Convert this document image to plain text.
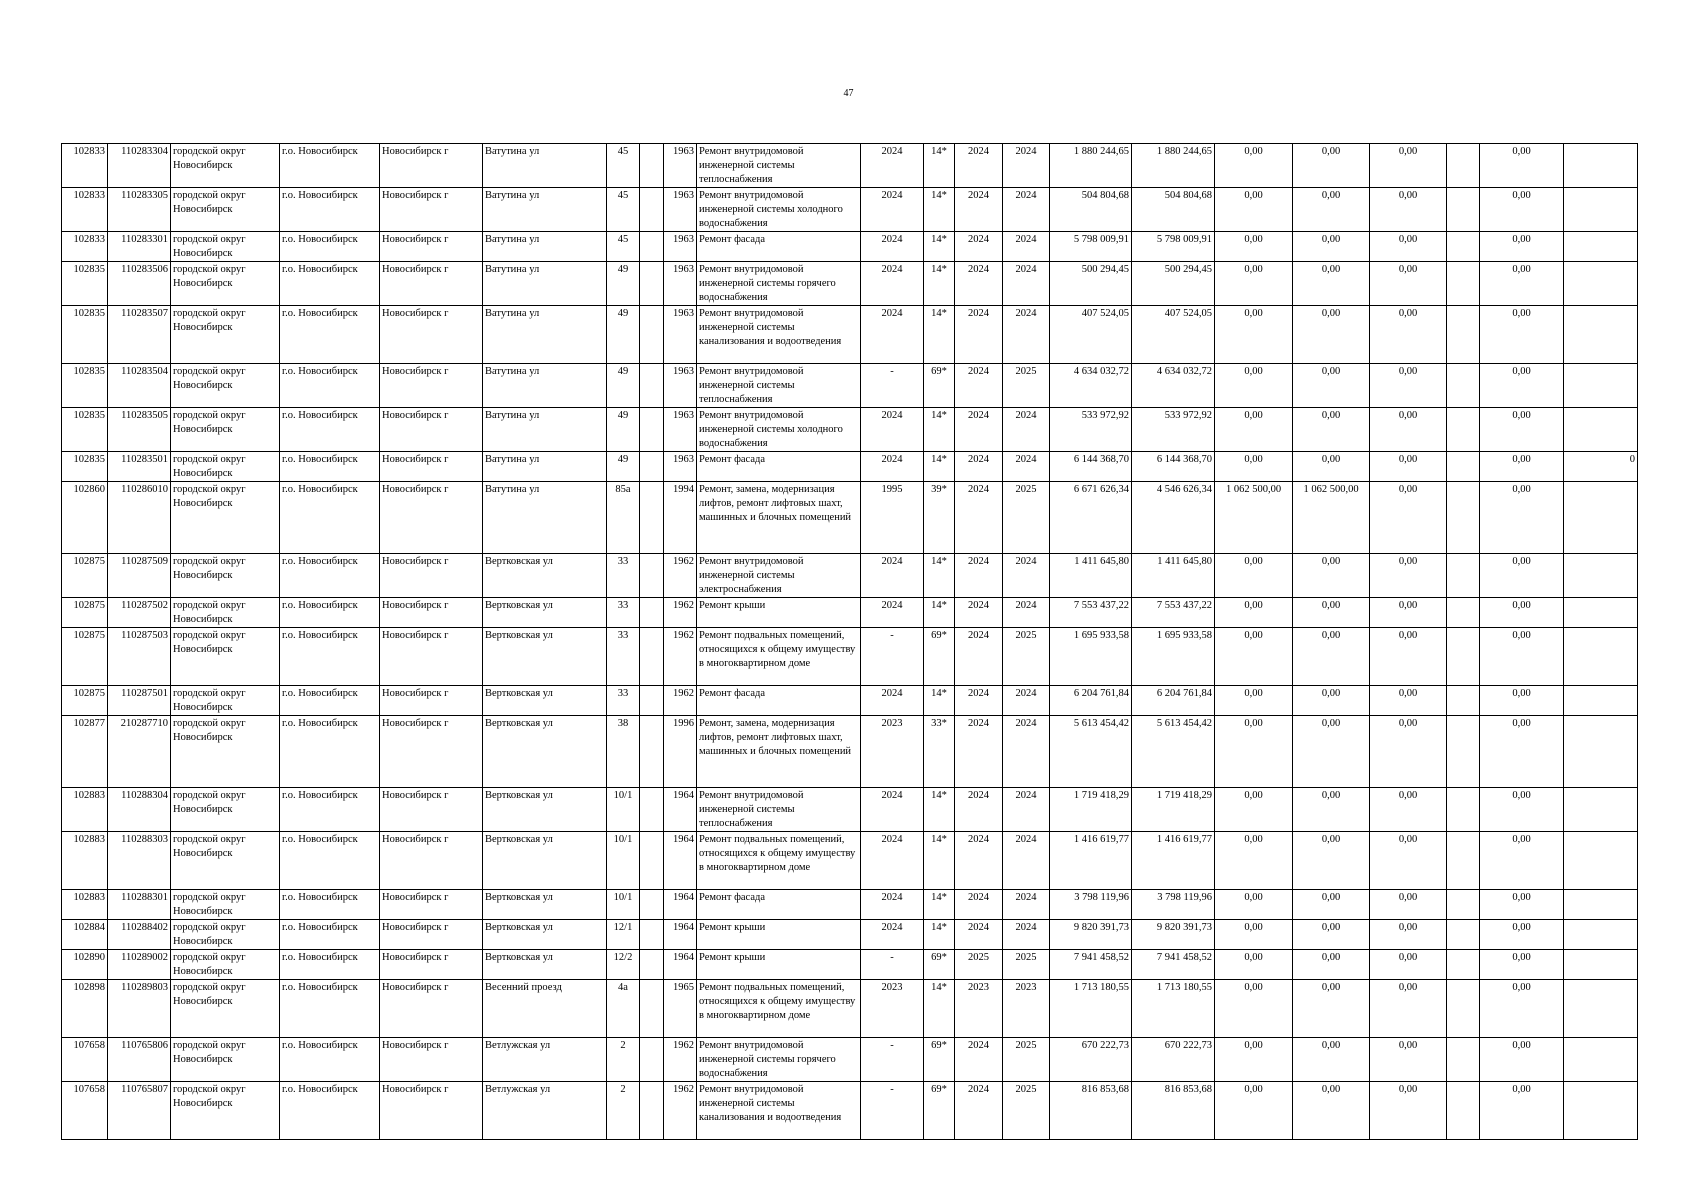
47
102833	110283304	городской округ Новосибирск	г.о. Новосибирск	Новосибирск г	Ватутина ул	45		1963	Ремонт внутридомовой инженерной системы теплоснабжения	2024	14*	2024	2024	1 880 244,65	1 880 244,65	0,00	0,00	0,00		0,00	
102833	110283305	городской округ Новосибирск	г.о. Новосибирск	Новосибирск г	Ватутина ул	45		1963	Ремонт внутридомовой инженерной системы холодного водоснабжения	2024	14*	2024	2024	504 804,68	504 804,68	0,00	0,00	0,00		0,00	
102833	110283301	городской округ Новосибирск	г.о. Новосибирск	Новосибирск г	Ватутина ул	45		1963	Ремонт фасада	2024	14*	2024	2024	5 798 009,91	5 798 009,91	0,00	0,00	0,00		0,00	
102835	110283506	городской округ Новосибирск	г.о. Новосибирск	Новосибирск г	Ватутина ул	49		1963	Ремонт внутридомовой инженерной системы горячего водоснабжения	2024	14*	2024	2024	500 294,45	500 294,45	0,00	0,00	0,00		0,00	
102835	110283507	городской округ Новосибирск	г.о. Новосибирск	Новосибирск г	Ватутина ул	49		1963	Ремонт внутридомовой инженерной системы канализования и водоотведения	2024	14*	2024	2024	407 524,05	407 524,05	0,00	0,00	0,00		0,00	
102835	110283504	городской округ Новосибирск	г.о. Новосибирск	Новосибирск г	Ватутина ул	49		1963	Ремонт внутридомовой инженерной системы теплоснабжения	-	69*	2024	2025	4 634 032,72	4 634 032,72	0,00	0,00	0,00		0,00	
102835	110283505	городской округ Новосибирск	г.о. Новосибирск	Новосибирск г	Ватутина ул	49		1963	Ремонт внутридомовой инженерной системы холодного водоснабжения	2024	14*	2024	2024	533 972,92	533 972,92	0,00	0,00	0,00		0,00	
102835	110283501	городской округ Новосибирск	г.о. Новосибирск	Новосибирск г	Ватутина ул	49		1963	Ремонт фасада	2024	14*	2024	2024	6 144 368,70	6 144 368,70	0,00	0,00	0,00		0,00	0
102860	110286010	городской округ Новосибирск	г.о. Новосибирск	Новосибирск г	Ватутина ул	85а		1994	Ремонт, замена, модернизация лифтов, ремонт лифтовых шахт, машинных и блочных помещений	1995	39*	2024	2025	6 671 626,34	4 546 626,34	1 062 500,00	1 062 500,00	0,00		0,00	
102875	110287509	городской округ Новосибирск	г.о. Новосибирск	Новосибирск г	Вертковская ул	33		1962	Ремонт внутридомовой инженерной системы электроснабжения	2024	14*	2024	2024	1 411 645,80	1 411 645,80	0,00	0,00	0,00		0,00	
102875	110287502	городской округ Новосибирск	г.о. Новосибирск	Новосибирск г	Вертковская ул	33		1962	Ремонт крыши	2024	14*	2024	2024	7 553 437,22	7 553 437,22	0,00	0,00	0,00		0,00	
102875	110287503	городской округ Новосибирск	г.о. Новосибирск	Новосибирск г	Вертковская ул	33		1962	Ремонт подвальных помещений, относящихся к общему имуществу в многоквартирном доме	-	69*	2024	2025	1 695 933,58	1 695 933,58	0,00	0,00	0,00		0,00	
102875	110287501	городской округ Новосибирск	г.о. Новосибирск	Новосибирск г	Вертковская ул	33		1962	Ремонт фасада	2024	14*	2024	2024	6 204 761,84	6 204 761,84	0,00	0,00	0,00		0,00	
102877	210287710	городской округ Новосибирск	г.о. Новосибирск	Новосибирск г	Вертковская ул	38		1996	Ремонт, замена, модернизация лифтов, ремонт лифтовых шахт, машинных и блочных помещений	2023	33*	2024	2024	5 613 454,42	5 613 454,42	0,00	0,00	0,00		0,00	
102883	110288304	городской округ Новосибирск	г.о. Новосибирск	Новосибирск г	Вертковская ул	10/1		1964	Ремонт внутридомовой инженерной системы теплоснабжения	2024	14*	2024	2024	1 719 418,29	1 719 418,29	0,00	0,00	0,00		0,00	
102883	110288303	городской округ Новосибирск	г.о. Новосибирск	Новосибирск г	Вертковская ул	10/1		1964	Ремонт подвальных помещений, относящихся к общему имуществу в многоквартирном доме	2024	14*	2024	2024	1 416 619,77	1 416 619,77	0,00	0,00	0,00		0,00	
102883	110288301	городской округ Новосибирск	г.о. Новосибирск	Новосибирск г	Вертковская ул	10/1		1964	Ремонт фасада	2024	14*	2024	2024	3 798 119,96	3 798 119,96	0,00	0,00	0,00		0,00	
102884	110288402	городской округ Новосибирск	г.о. Новосибирск	Новосибирск г	Вертковская ул	12/1		1964	Ремонт крыши	2024	14*	2024	2024	9 820 391,73	9 820 391,73	0,00	0,00	0,00		0,00	
102890	110289002	городской округ Новосибирск	г.о. Новосибирск	Новосибирск г	Вертковская ул	12/2		1964	Ремонт крыши	-	69*	2025	2025	7 941 458,52	7 941 458,52	0,00	0,00	0,00		0,00	
102898	110289803	городской округ Новосибирск	г.о. Новосибирск	Новосибирск г	Весенний проезд	4а		1965	Ремонт подвальных помещений, относящихся к общему имуществу в многоквартирном доме	2023	14*	2023	2023	1 713 180,55	1 713 180,55	0,00	0,00	0,00		0,00	
107658	110765806	городской округ Новосибирск	г.о. Новосибирск	Новосибирск г	Ветлужская ул	2		1962	Ремонт внутридомовой инженерной системы горячего водоснабжения	-	69*	2024	2025	670 222,73	670 222,73	0,00	0,00	0,00		0,00	
107658	110765807	городской округ Новосибирск	г.о. Новосибирск	Новосибирск г	Ветлужская ул	2		1962	Ремонт внутридомовой инженерной системы канализования и водоотведения	-	69*	2024	2025	816 853,68	816 853,68	0,00	0,00	0,00		0,00	
